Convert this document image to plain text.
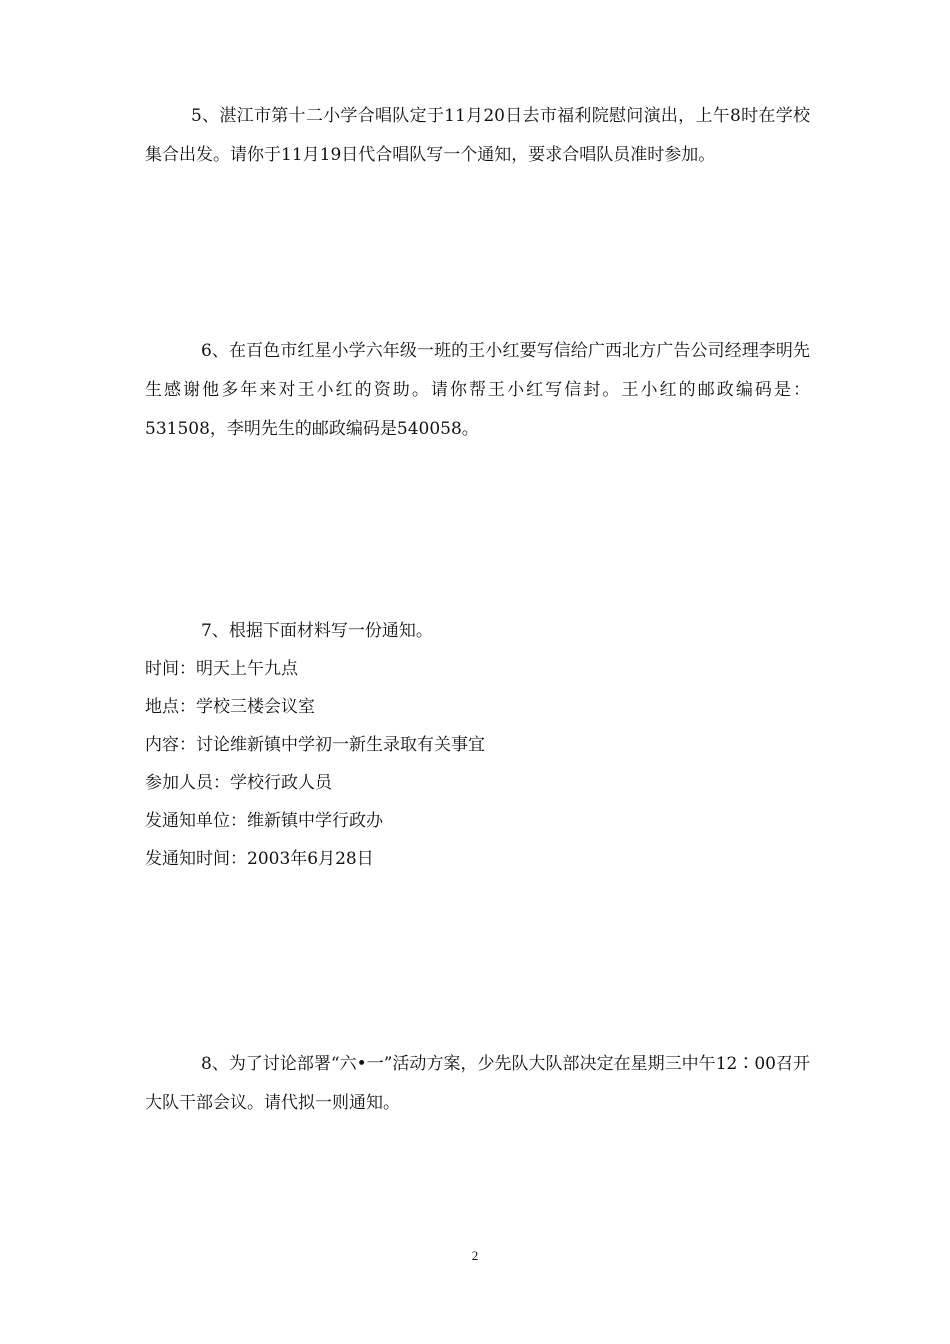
5、湛江市第十二小学合唱队定于11月20日去市福利院慰问演出，上午8时在学校集合出发。请你于11月19日代合唱队写一个通知，要求合唱队员准时参加。

6、在百色市红星小学六年级一班的王小红要写信给广西北方广告公司经理李明先生感谢他多年来对王小红的资助。请你帮王小红写信封。王小红的邮政编码是：531508，李明先生的邮政编码是540058。

7、根据下面材料写一份通知。

时间：明天上午九点

地点：学校三楼会议室

内容：讨论维新镇中学初一新生录取有关事宜

参加人员：学校行政人员

发通知单位：维新镇中学行政办

发通知时间：2003年6月28日

8、为了讨论部署“六•一”活动方案，少先队大队部决定在星期三中午12∶00召开大队干部会议。请代拟一则通知。

2
